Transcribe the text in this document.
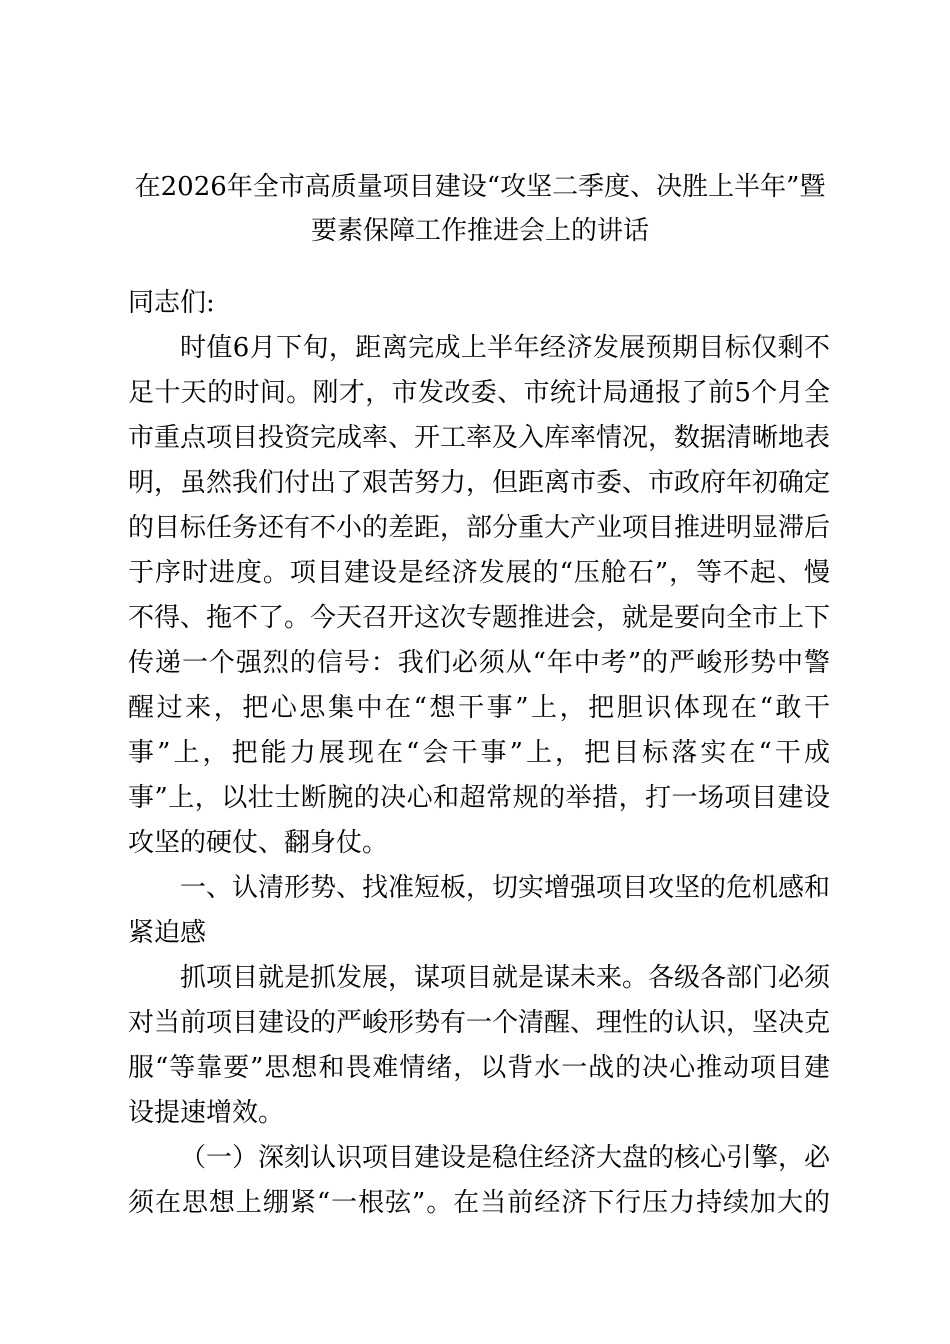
在2026年全市高质量项目建设“攻坚二季度、决胜上半年”暨
要素保障工作推进会上的讲话

同志们:

时值6月下旬，距离完成上半年经济发展预期目标仅剩不

足十天的时间。刚才，市发改委、市统计局通报了前5个月全

市重点项目投资完成率、开工率及入库率情况，数据清晰地表

明，虽然我们付出了艰苦努力，但距离市委、市政府年初确定

的目标任务还有不小的差距，部分重大产业项目推进明显滞后

于序时进度。项目建设是经济发展的“压舱石”，等不起、慢

不得、拖不了。今天召开这次专题推进会，就是要向全市上下

传递一个强烈的信号：我们必须从“年中考”的严峻形势中警

醒过来，把心思集中在“想干事”上，把胆识体现在“敢干

事”上，把能力展现在“会干事”上，把目标落实在“干成

事”上，以壮士断腕的决心和超常规的举措，打一场项目建设

攻坚的硬仗、翻身仗。

一、认清形势、找准短板，切实增强项目攻坚的危机感和

紧迫感

抓项目就是抓发展，谋项目就是谋未来。各级各部门必须

对当前项目建设的严峻形势有一个清醒、理性的认识，坚决克

服“等靠要”思想和畏难情绪，以背水一战的决心推动项目建

设提速增效。

（一）深刻认识项目建设是稳住经济大盘的核心引擎，必

须在思想上绷紧“一根弦”。在当前经济下行压力持续加大的
